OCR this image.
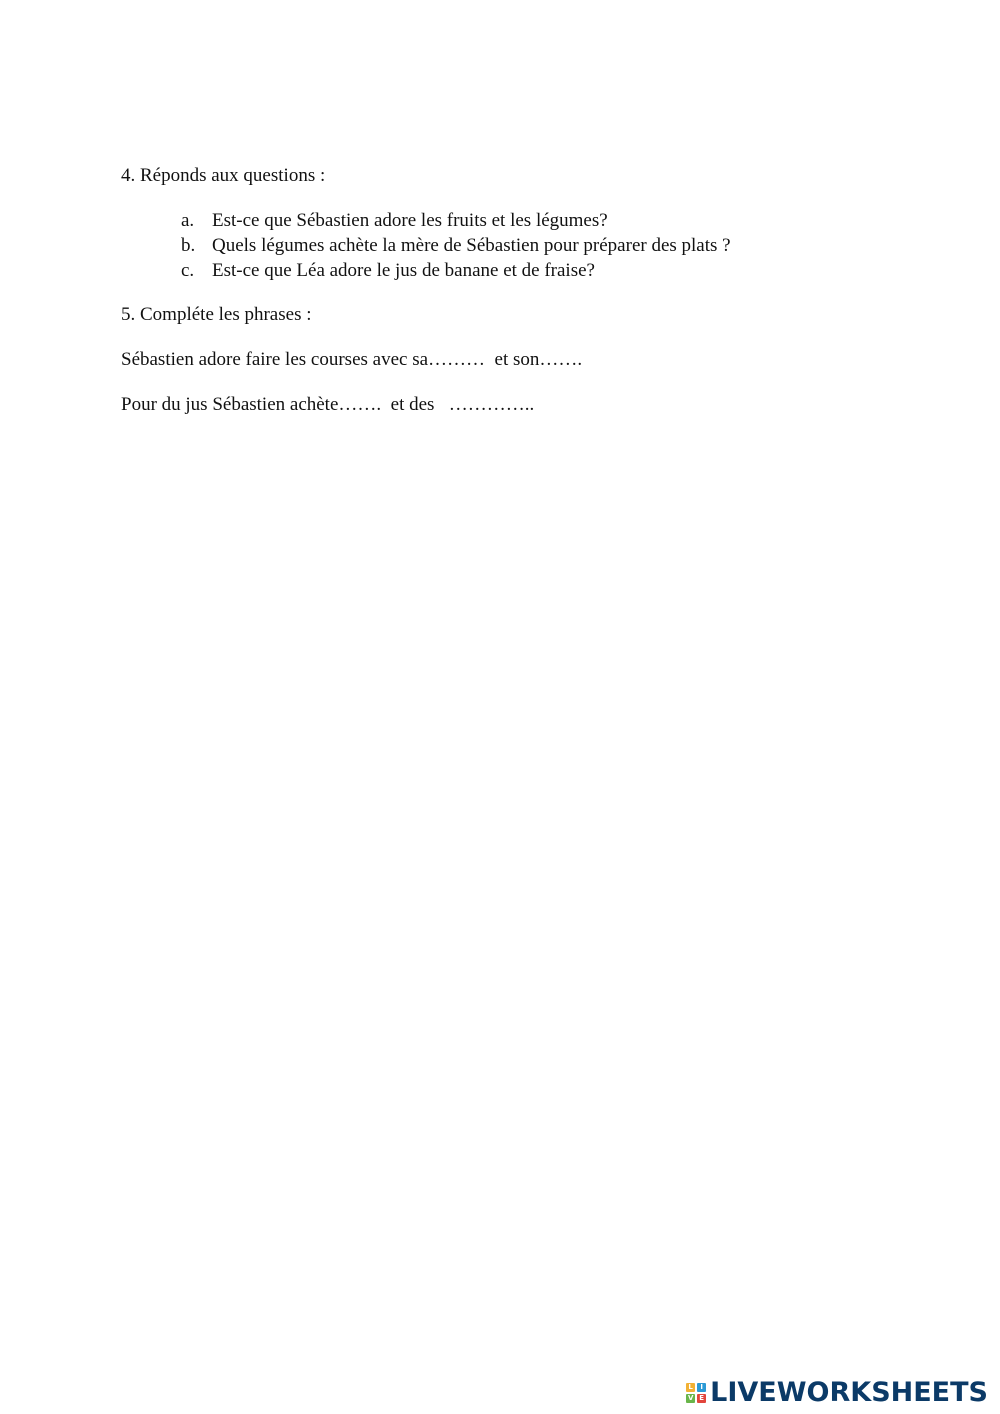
4. Réponds aux questions :
a. Est-ce que Sébastien adore les fruits et les légumes?
b. Quels légumes achète la mère de Sébastien pour préparer des plats ?
c. Est-ce que Léa adore le jus de banane et de fraise?
5. Compléte les phrases :
Sébastien adore faire les courses avec sa………  et son…….
Pour du jus Sébastien achète…….  et des   …………..
L	I
V E LIVEWORKSHEETS
